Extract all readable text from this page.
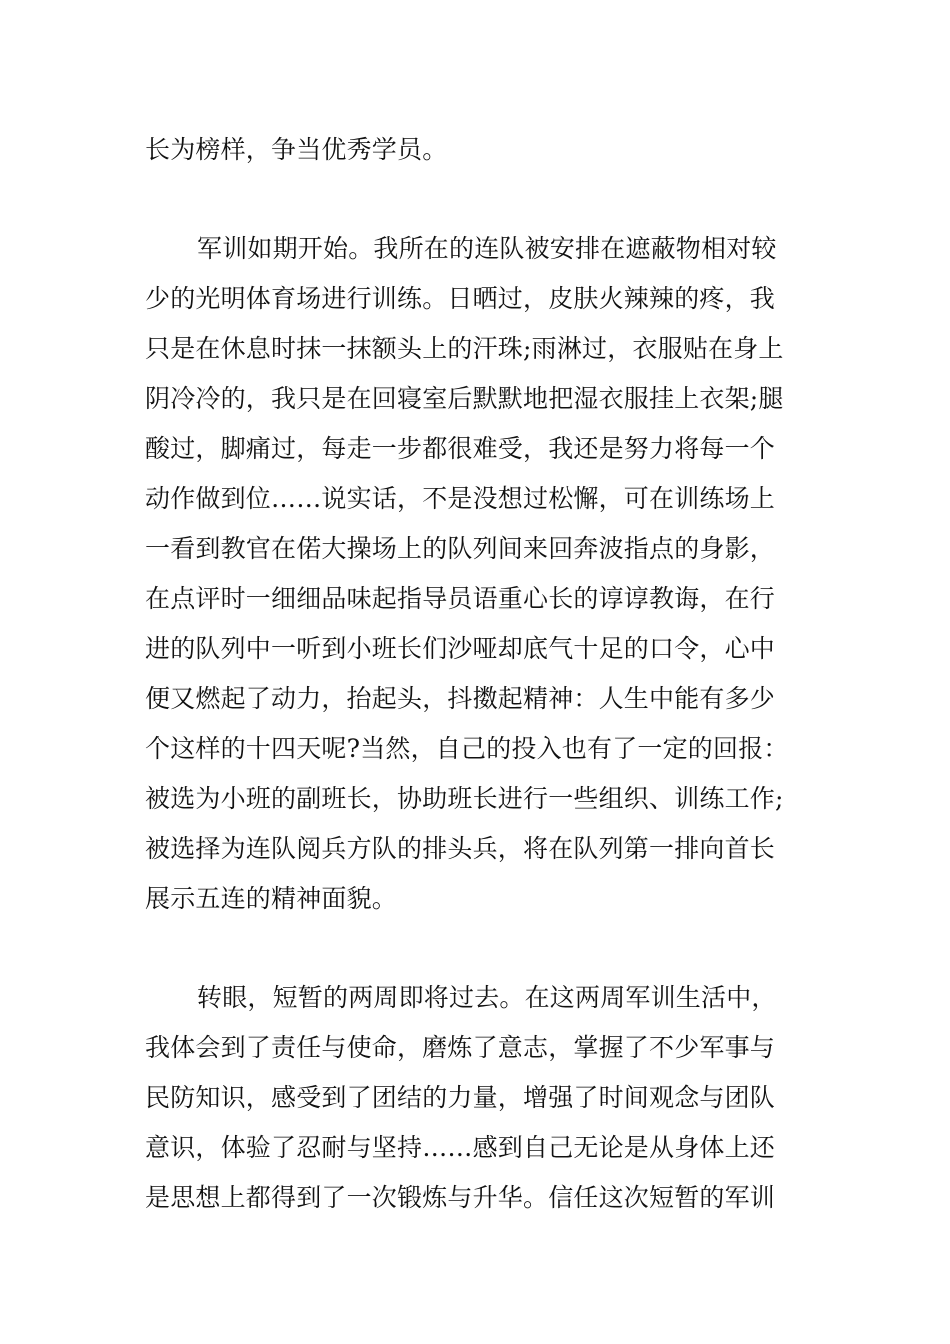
长为榜样，争当优秀学员。
军训如期开始。我所在的连队被安排在遮蔽物相对较
少的光明体育场进行训练。日晒过，皮肤火辣辣的疼，我
只是在休息时抹一抹额头上的汗珠;雨淋过，衣服贴在身上
阴冷冷的，我只是在回寝室后默默地把湿衣服挂上衣架;腿
酸过，脚痛过，每走一步都很难受，我还是努力将每一个
动作做到位……说实话，不是没想过松懈，可在训练场上
一看到教官在偌大操场上的队列间来回奔波指点的身影，
在点评时一细细品味起指导员语重心长的谆谆教诲，在行
进的队列中一听到小班长们沙哑却底气十足的口令，心中
便又燃起了动力，抬起头，抖擞起精神：人生中能有多少
个这样的十四天呢?当然，自己的投入也有了一定的回报：
被选为小班的副班长，协助班长进行一些组织、训练工作;
被选择为连队阅兵方队的排头兵，将在队列第一排向首长
展示五连的精神面貌。
转眼，短暂的两周即将过去。在这两周军训生活中，
我体会到了责任与使命，磨炼了意志，掌握了不少军事与
民防知识，感受到了团结的力量，增强了时间观念与团队
意识，体验了忍耐与坚持……感到自己无论是从身体上还
是思想上都得到了一次锻炼与升华。信任这次短暂的军训
